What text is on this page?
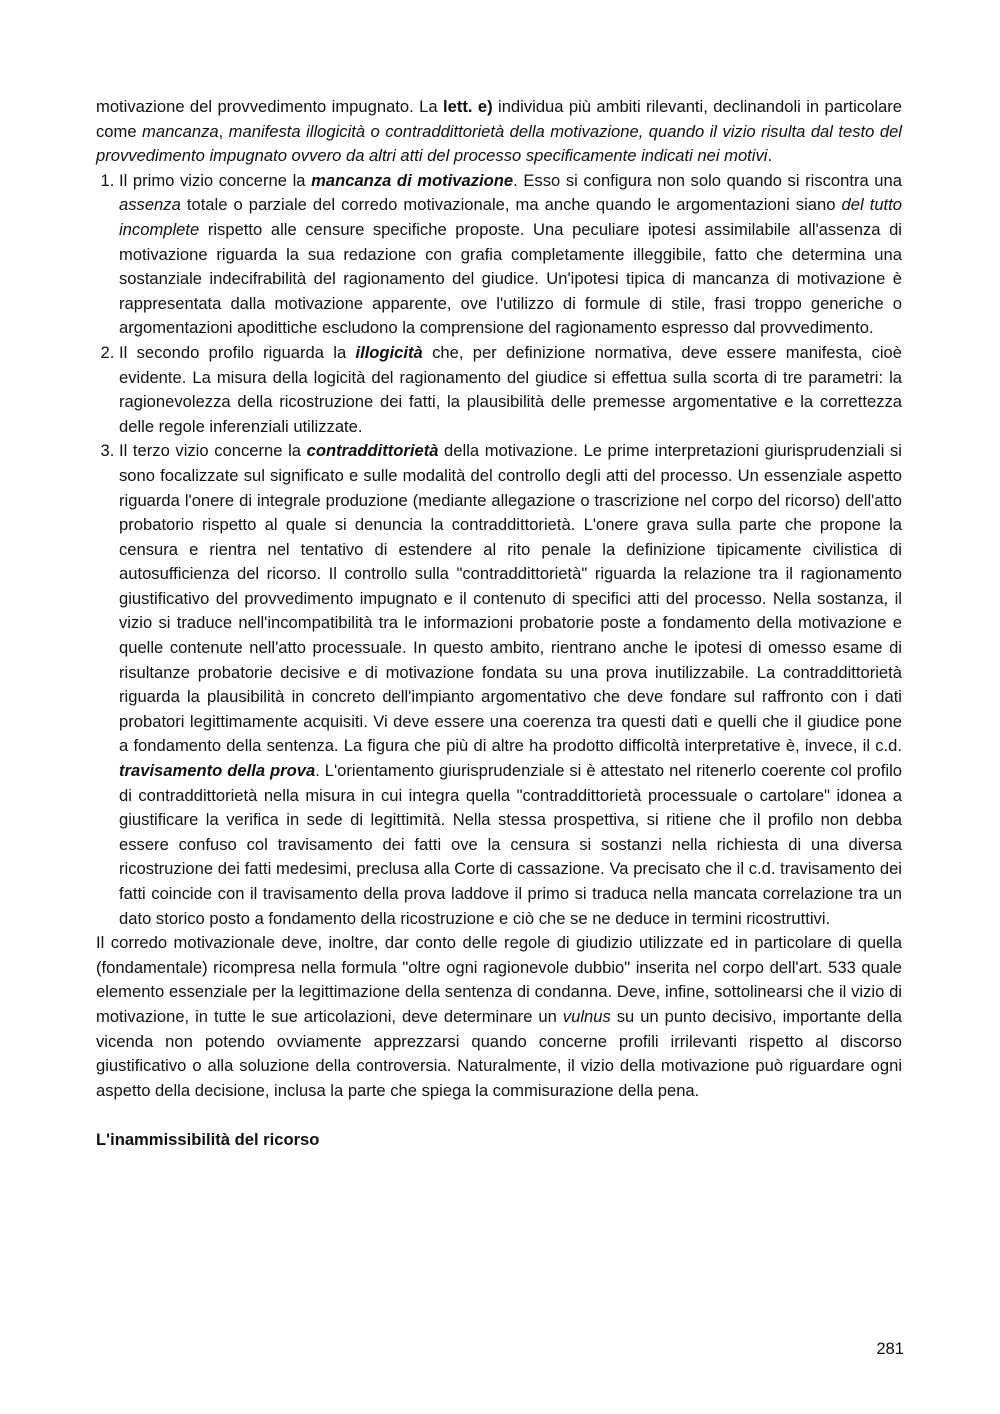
motivazione del provvedimento impugnato. La lett. e) individua più ambiti rilevanti, declinandoli in particolare come mancanza, manifesta illogicità o contraddittorietà della motivazione, quando il vizio risulta dal testo del provvedimento impugnato ovvero da altri atti del processo specificamente indicati nei motivi.

1. Il primo vizio concerne la mancanza di motivazione. Esso si configura non solo quando si riscontra una assenza totale o parziale del corredo motivazionale, ma anche quando le argomentazioni siano del tutto incomplete rispetto alle censure specifiche proposte. Una peculiare ipotesi assimilabile all'assenza di motivazione riguarda la sua redazione con grafia completamente illeggibile, fatto che determina una sostanziale indecifrabilità del ragionamento del giudice. Un'ipotesi tipica di mancanza di motivazione è rappresentata dalla motivazione apparente, ove l'utilizzo di formule di stile, frasi troppo generiche o argomentazioni apodittiche escludono la comprensione del ragionamento espresso dal provvedimento.
2. Il secondo profilo riguarda la illogicità che, per definizione normativa, deve essere manifesta, cioè evidente. La misura della logicità del ragionamento del giudice si effettua sulla scorta di tre parametri: la ragionevolezza della ricostruzione dei fatti, la plausibilità delle premesse argomentative e la correttezza delle regole inferenziali utilizzate.
3. Il terzo vizio concerne la contraddittorietà della motivazione. Le prime interpretazioni giurisprudenziali si sono focalizzate sul significato e sulle modalità del controllo degli atti del processo. Un essenziale aspetto riguarda l'onere di integrale produzione (mediante allegazione o trascrizione nel corpo del ricorso) dell'atto probatorio rispetto al quale si denuncia la contraddittorietà. L'onere grava sulla parte che propone la censura e rientra nel tentativo di estendere al rito penale la definizione tipicamente civilistica di autosufficienza del ricorso. Il controllo sulla "contraddittorietà" riguarda la relazione tra il ragionamento giustificativo del provvedimento impugnato e il contenuto di specifici atti del processo. Nella sostanza, il vizio si traduce nell'incompatibilità tra le informazioni probatorie poste a fondamento della motivazione e quelle contenute nell'atto processuale. In questo ambito, rientrano anche le ipotesi di omesso esame di risultanze probatorie decisive e di motivazione fondata su una prova inutilizzabile. La contraddittorietà riguarda la plausibilità in concreto dell'impianto argomentativo che deve fondare sul raffronto con i dati probatori legittimamente acquisiti. Vi deve essere una coerenza tra questi dati e quelli che il giudice pone a fondamento della sentenza. La figura che più di altre ha prodotto difficoltà interpretative è, invece, il c.d. travisamento della prova. L'orientamento giurisprudenziale si è attestato nel ritenerlo coerente col profilo di contraddittorietà nella misura in cui integra quella "contraddittorietà processuale o cartolare" idonea a giustificare la verifica in sede di legittimità. Nella stessa prospettiva, si ritiene che il profilo non debba essere confuso col travisamento dei fatti ove la censura si sostanzi nella richiesta di una diversa ricostruzione dei fatti medesimi, preclusa alla Corte di cassazione. Va precisato che il c.d. travisamento dei fatti coincide con il travisamento della prova laddove il primo si traduca nella mancata correlazione tra un dato storico posto a fondamento della ricostruzione e ciò che se ne deduce in termini ricostruttivi.

Il corredo motivazionale deve, inoltre, dar conto delle regole di giudizio utilizzate ed in particolare di quella (fondamentale) ricompresa nella formula "oltre ogni ragionevole dubbio" inserita nel corpo dell'art. 533 quale elemento essenziale per la legittimazione della sentenza di condanna. Deve, infine, sottolinearsi che il vizio di motivazione, in tutte le sue articolazioni, deve determinare un vulnus su un punto decisivo, importante della vicenda non potendo ovviamente apprezzarsi quando concerne profili irrilevanti rispetto al discorso giustificativo o alla soluzione della controversia. Naturalmente, il vizio della motivazione può riguardare ogni aspetto della decisione, inclusa la parte che spiega la commisurazione della pena.

L'inammissibilità del ricorso

281
